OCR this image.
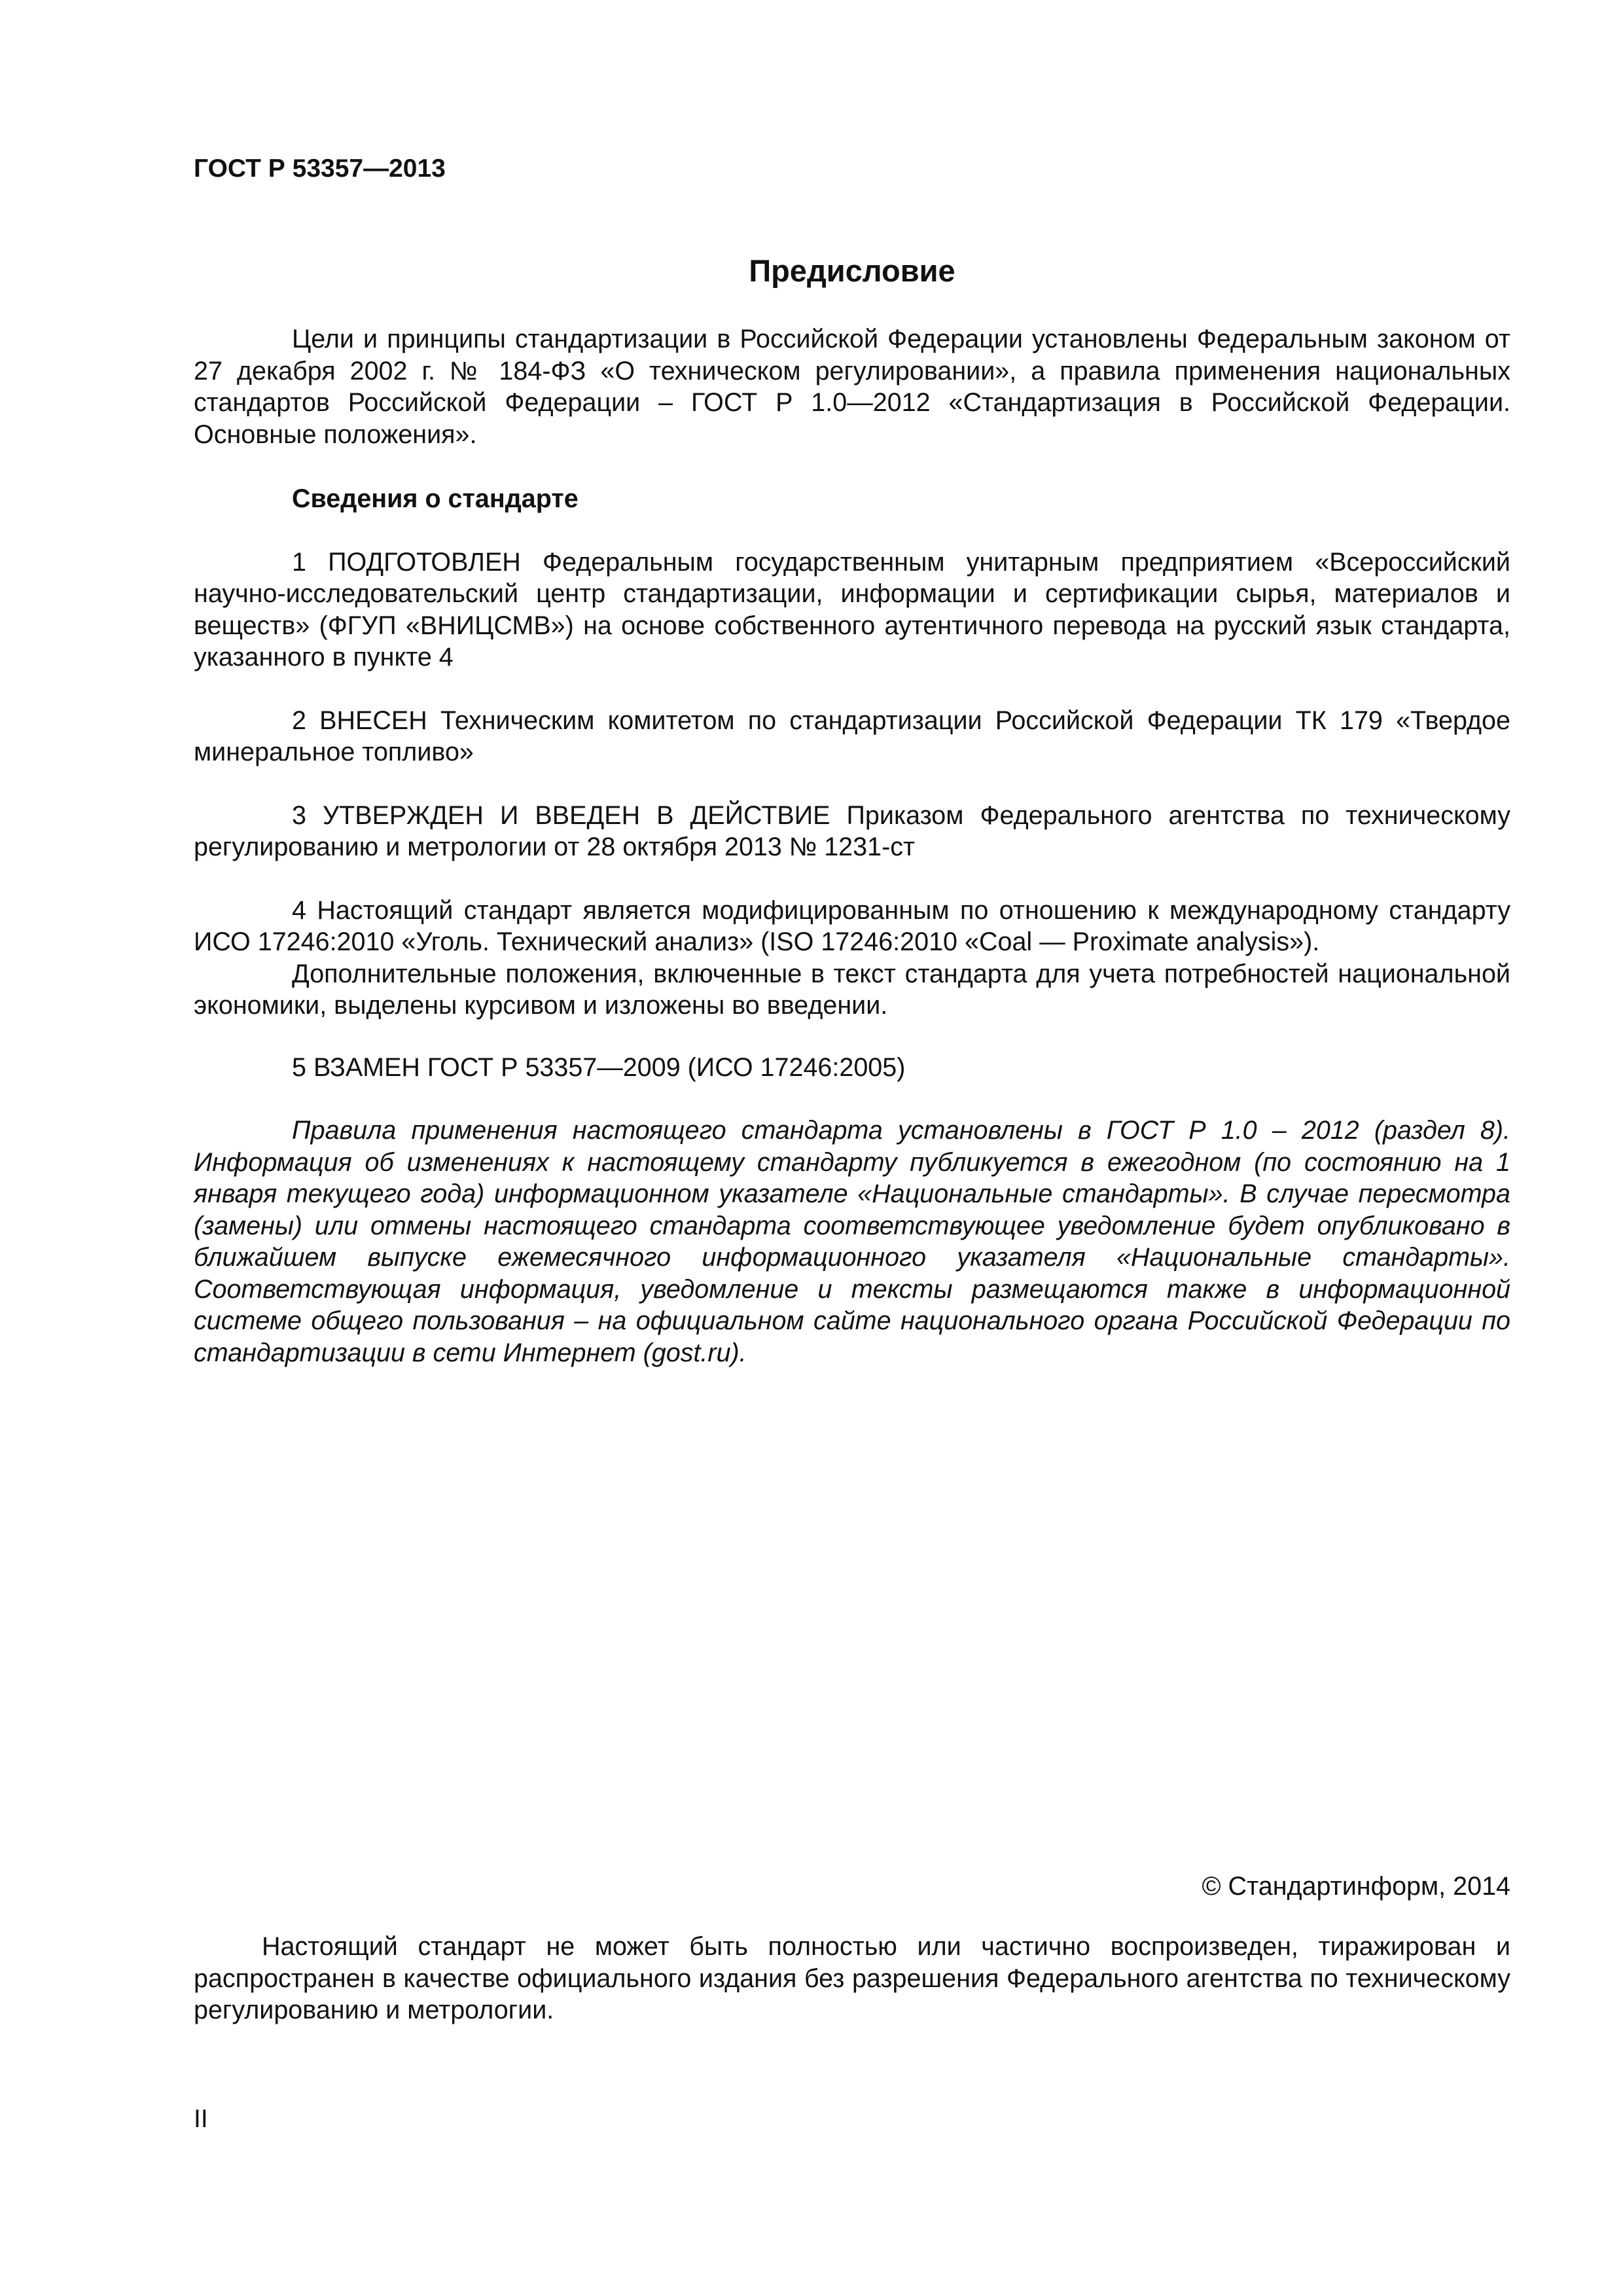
ГОСТ Р 53357—2013
Предисловие

Цели и принципы стандартизации в Российской Федерации установлены Федеральным законом от 27 декабря 2002 г. № 184-ФЗ «О техническом регулировании», а правила применения национальных стандартов Российской Федерации – ГОСТ Р 1.0—2012 «Стандартизация в Российской Федерации. Основные положения».

Сведения о стандарте

1 ПОДГОТОВЛЕН Федеральным государственным унитарным предприятием «Всероссийский научно-исследовательский центр стандартизации, информации и сертификации сырья, материалов и веществ» (ФГУП «ВНИЦСМВ») на основе собственного аутентичного перевода на русский язык стандарта, указанного в пункте 4

2 ВНЕСЕН Техническим комитетом по стандартизации Российской Федерации ТК 179 «Твердое минеральное топливо»

3 УТВЕРЖДЕН И ВВЕДЕН В ДЕЙСТВИЕ Приказом Федерального агентства по техническому регулированию и метрологии от 28 октября 2013 № 1231-ст

4 Настоящий стандарт является модифицированным по отношению к международному стандарту ИСО 17246:2010 «Уголь. Технический анализ» (ISO 17246:2010 «Coal — Proximate analysis»).

Дополнительные положения, включенные в текст стандарта для учета потребностей национальной экономики, выделены курсивом и изложены во введении.

5 ВЗАМЕН ГОСТ Р 53357—2009 (ИСО 17246:2005)

Правила применения настоящего стандарта установлены в ГОСТ Р 1.0 – 2012 (раздел 8). Информация об изменениях к настоящему стандарту публикуется в ежегодном (по состоянию на 1 января текущего года) информационном указателе «Национальные стандарты». В случае пересмотра (замены) или отмены настоящего стандарта соответствующее уведомление будет опубликовано в ближайшем выпуске ежемесячного информационного указателя «Национальные стандарты». Соответствующая информация, уведомление и тексты размещаются также в информационной системе общего пользования – на официальном сайте национального органа Российской Федерации по стандартизации в сети Интернет (gost.ru).

© Стандартинформ, 2014

Настоящий стандарт не может быть полностью или частично воспроизведен, тиражирован и распространен в качестве официального издания без разрешения Федерального агентства по техническому регулированию и метрологии.

II
